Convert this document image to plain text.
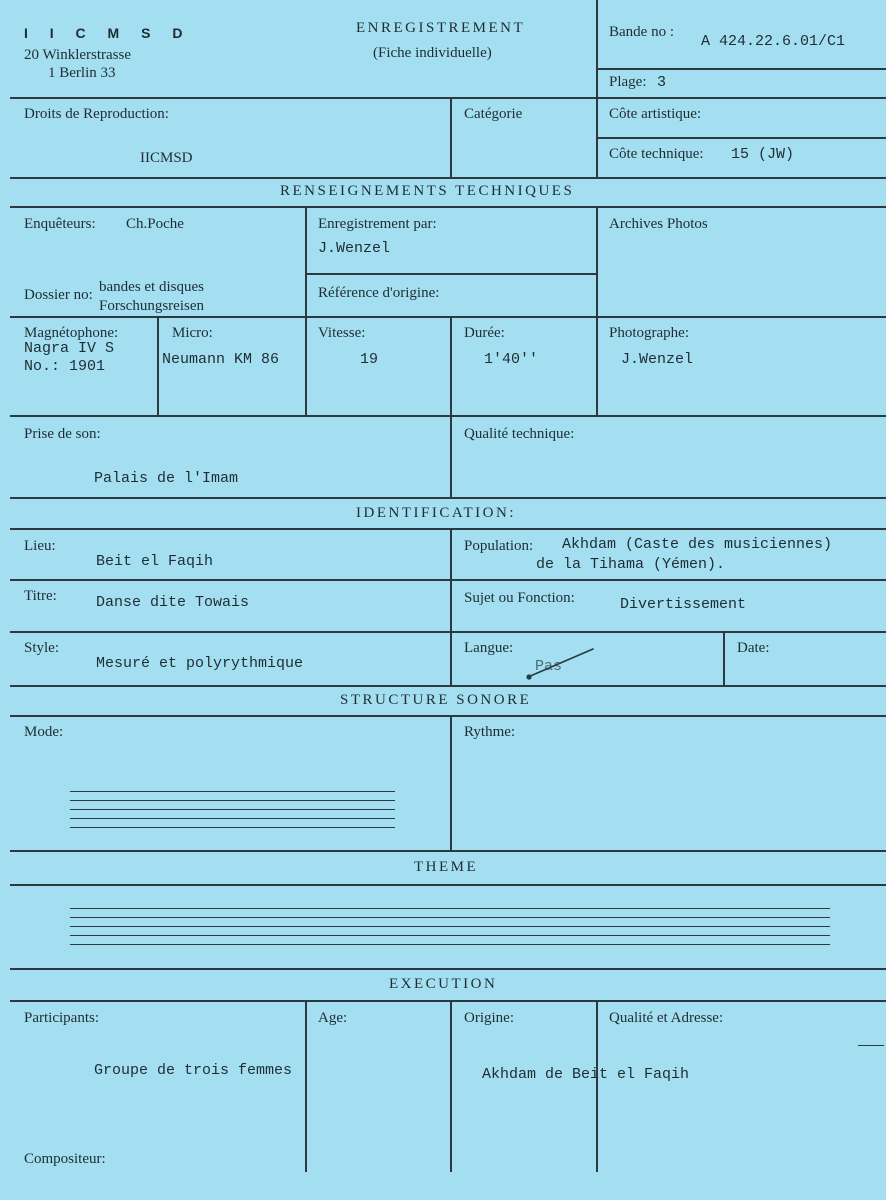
I I C M S D
20 Winklerstrasse
1 Berlin 33
ENREGISTREMENT
(Fiche individuelle)
Bande no :
A 424.22.6.01/C1
Plage: 3
Droits de Reproduction:
IICMSD
Catégorie	Côte artistique:
Côte technique: 15 (JW)
RENSEIGNEMENTS TECHNIQUES
Enquêteurs: Ch.Poche	Enregistrement par:
J.Wenzel
Archives Photos
Dossier no: bandes et disques
Forschungsreisen
Référence d'origine:
Magnétophone:
Nagra IV S
No.: 1901
Micro:
Neumann KM 86
Vitesse:
19
Durée:
1'40''
Photographe:
J.Wenzel
Prise de son:
Palais de l'Imam
Qualité technique:
IDENTIFICATION:
Lieu:
Beit el Faqih
Population: Akhdam (Caste des musiciennes)
de la Tihama (Yémen).
Titre:	Danse dite Towais	Sujet ou Fonction:	Divertissement
Style:
Mesuré et polyrythmique
Langue:
Pas
Date:
STRUCTURE SONORE
Mode:	Rythme:
THEME
EXECUTION
Participants:
Groupe de trois femmes
Age:	Origine:
Akhdam de Beit el Faqih
Qualité et Adresse:
Compositeur:
